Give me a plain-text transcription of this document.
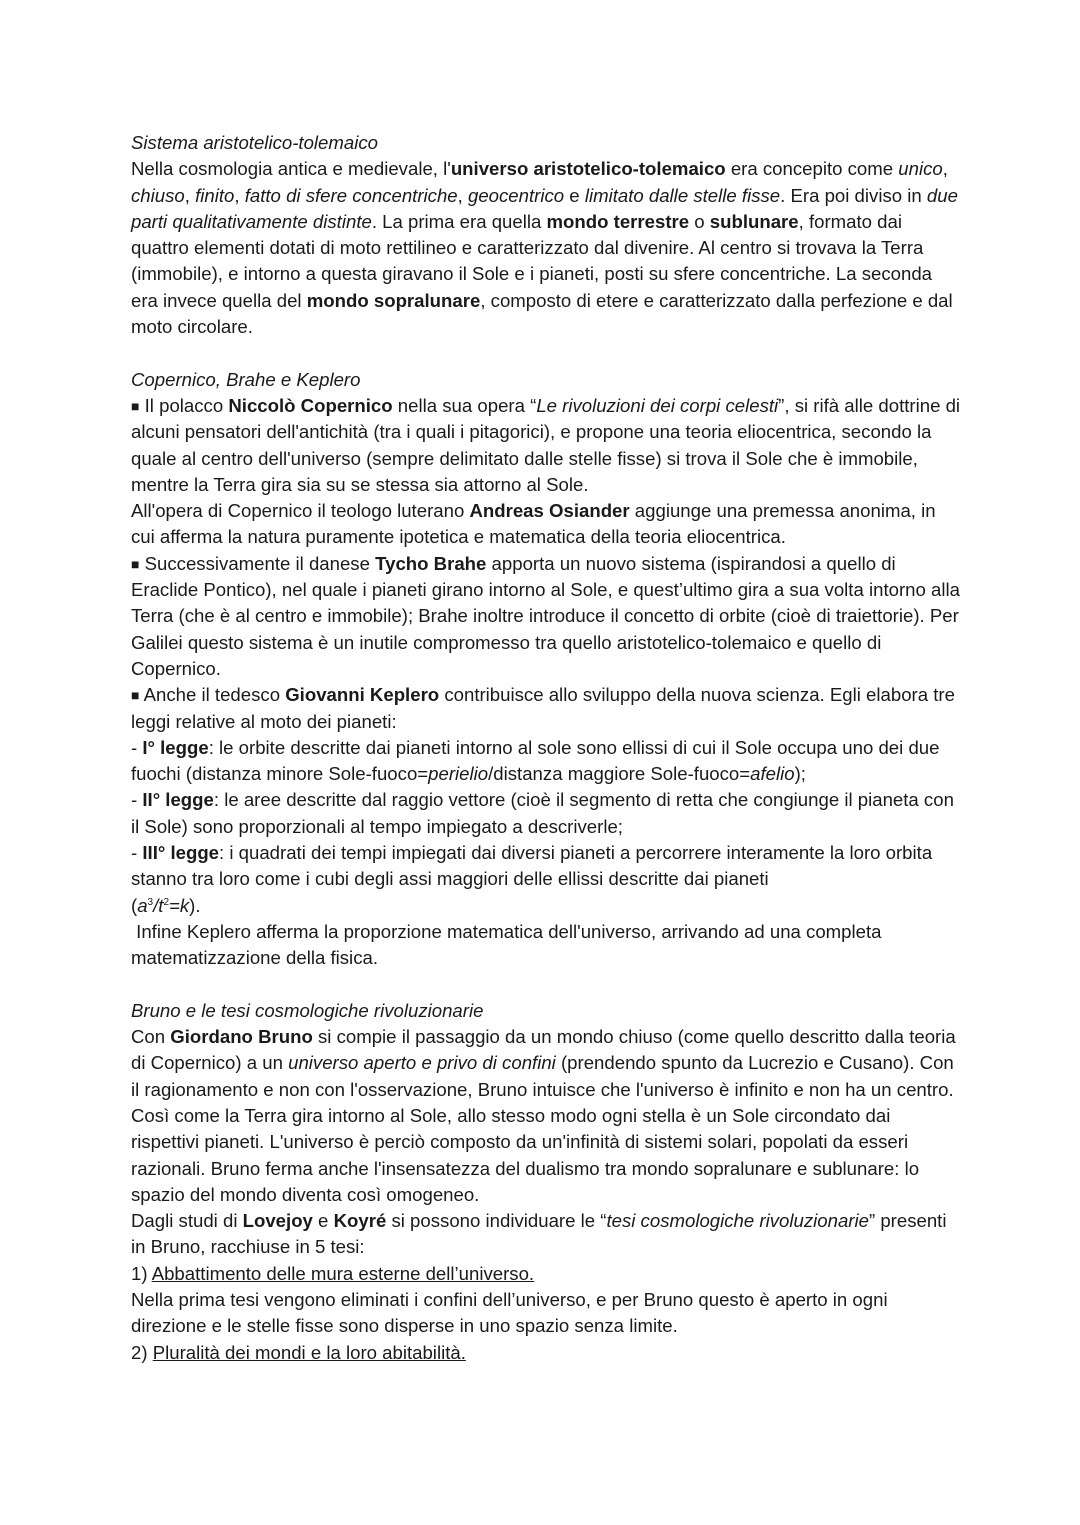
Sistema aristotelico-tolemaico

Nella cosmologia antica e medievale, l'universo aristotelico-tolemaico era concepito come unico, chiuso, finito, fatto di sfere concentriche, geocentrico e limitato dalle stelle fisse. Era poi diviso in due parti qualitativamente distinte. La prima era quella mondo terrestre o sublunare, formato dai quattro elementi dotati di moto rettilineo e caratterizzato dal divenire. Al centro si trovava la Terra (immobile), e intorno a questa giravano il Sole e i pianeti, posti su sfere concentriche. La seconda era invece quella del mondo sopralunare, composto di etere e caratterizzato dalla perfezione e dal moto circolare.

Copernico, Brahe e Keplero

■ Il polacco Niccolò Copernico nella sua opera “Le rivoluzioni dei corpi celesti”, si rifà alle dottrine di alcuni pensatori dell'antichità (tra i quali i pitagorici), e propone una teoria eliocentrica, secondo la quale al centro dell'universo (sempre delimitato dalle stelle fisse) si trova il Sole che è immobile, mentre la Terra gira sia su se stessa sia attorno al Sole.

All'opera di Copernico il teologo luterano Andreas Osiander aggiunge una premessa anonima, in cui afferma la natura puramente ipotetica e matematica della teoria eliocentrica.

■ Successivamente il danese Tycho Brahe apporta un nuovo sistema (ispirandosi a quello di Eraclide Pontico), nel quale i pianeti girano intorno al Sole, e quest’ultimo gira a sua volta intorno alla Terra (che è al centro e immobile); Brahe inoltre introduce il concetto di orbite (cioè di traiettorie). Per Galilei questo sistema è un inutile compromesso tra quello aristotelico-tolemaico e quello di Copernico.

■ Anche il tedesco Giovanni Keplero contribuisce allo sviluppo della nuova scienza. Egli elabora tre leggi relative al moto dei pianeti:

- I° legge: le orbite descritte dai pianeti intorno al sole sono ellissi di cui il Sole occupa uno dei due fuochi (distanza minore Sole-fuoco=perielio/distanza maggiore Sole-fuoco=afelio);

- II° legge: le aree descritte dal raggio vettore (cioè il segmento di retta che congiunge il pianeta con il Sole) sono proporzionali al tempo impiegato a descriverle;

- III° legge: i quadrati dei tempi impiegati dai diversi pianeti a percorrere interamente la loro orbita stanno tra loro come i cubi degli assi maggiori delle ellissi descritte dai pianeti

$(a^3/t^2=k)$.

Infine Keplero afferma la proporzione matematica dell'universo, arrivando ad una completa matematizzazione della fisica.

Bruno e le tesi cosmologiche rivoluzionarie

Con Giordano Bruno si compie il passaggio da un mondo chiuso (come quello descritto dalla teoria di Copernico) a un universo aperto e privo di confini (prendendo spunto da Lucrezio e Cusano). Con il ragionamento e non con l'osservazione, Bruno intuisce che l'universo è infinito e non ha un centro. Così come la Terra gira intorno al Sole, allo stesso modo ogni stella è un Sole circondato dai rispettivi pianeti. L'universo è perciò composto da un'infinità di sistemi solari, popolati da esseri razionali. Bruno ferma anche l'insensatezza del dualismo tra mondo sopralunare e sublunare: lo spazio del mondo diventa così omogeneo.

Dagli studi di Lovejoy e Koyré si possono individuare le “tesi cosmologiche rivoluzionarie” presenti in Bruno, racchiuse in 5 tesi:

1) Abbattimento delle mura esterne dell’universo.

Nella prima tesi vengono eliminati i confini dell’universo, e per Bruno questo è aperto in ogni direzione e le stelle fisse sono disperse in uno spazio senza limite.

2) Pluralità dei mondi e la loro abitabilità.
